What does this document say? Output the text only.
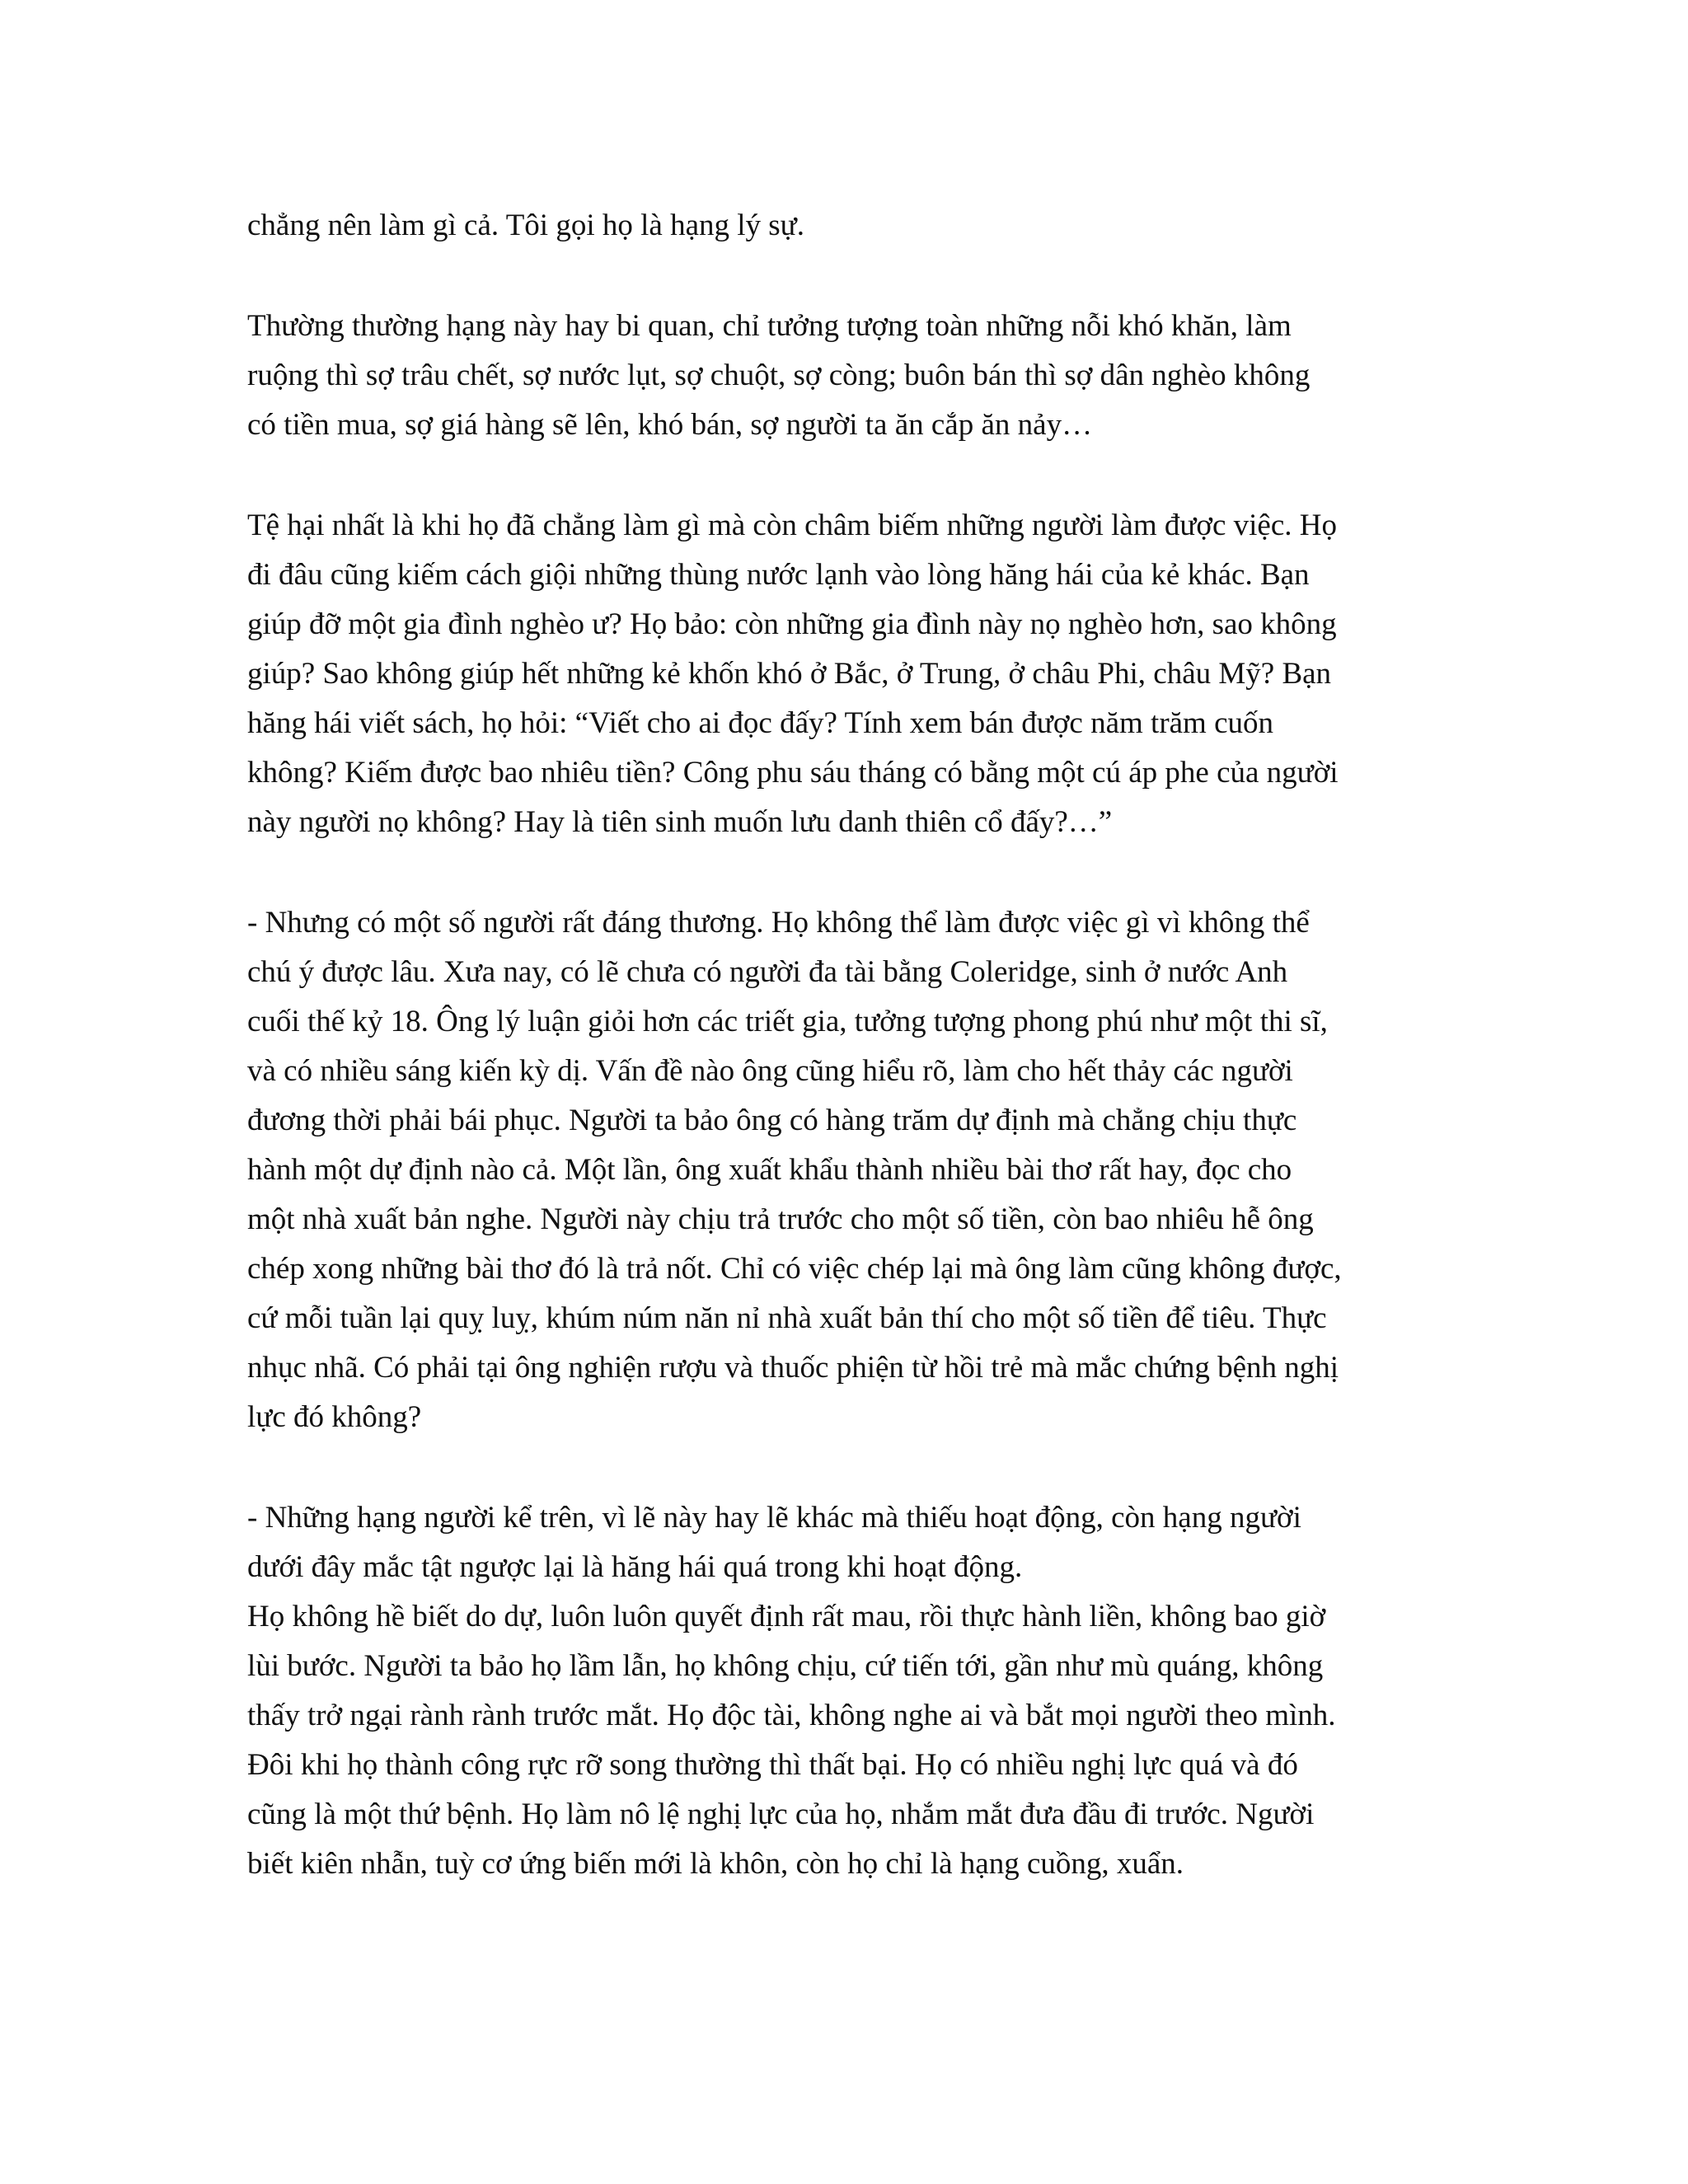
chẳng nên làm gì cả. Tôi gọi họ là hạng lý sự.

Thường thường hạng này hay bi quan, chỉ tưởng tượng toàn những nỗi khó khăn, làm
ruộng thì sợ trâu chết, sợ nước lụt, sợ chuột, sợ còng; buôn bán thì sợ dân nghèo không
có tiền mua, sợ giá hàng sẽ lên, khó bán, sợ người ta ăn cắp ăn nảy…

Tệ hại nhất là khi họ đã chẳng làm gì mà còn châm biếm những người làm được việc. Họ
đi đâu cũng kiếm cách giội những thùng nước lạnh vào lòng hăng hái của kẻ khác. Bạn
giúp đỡ một gia đình nghèo ư? Họ bảo: còn những gia đình này nọ nghèo hơn, sao không
giúp? Sao không giúp hết những kẻ khốn khó ở Bắc, ở Trung, ở châu Phi, châu Mỹ? Bạn
hăng hái viết sách, họ hỏi: “Viết cho ai đọc đấy? Tính xem bán được năm trăm cuốn
không? Kiếm được bao nhiêu tiền? Công phu sáu tháng có bằng một cú áp phe của người
này người nọ không? Hay là tiên sinh muốn lưu danh thiên cổ đấy?…”

- Nhưng có một số người rất đáng thương. Họ không thể làm được việc gì vì không thể
chú ý được lâu. Xưa nay, có lẽ chưa có người đa tài bằng Coleridge, sinh ở nước Anh
cuối thế kỷ 18. Ông lý luận giỏi hơn các triết gia, tưởng tượng phong phú như một thi sĩ,
và có nhiều sáng kiến kỳ dị. Vấn đề nào ông cũng hiểu rõ, làm cho hết thảy các người
đương thời phải bái phục. Người ta bảo ông có hàng trăm dự định mà chẳng chịu thực
hành một dự định nào cả. Một lần, ông xuất khẩu thành nhiều bài thơ rất hay, đọc cho
một nhà xuất bản nghe. Người này chịu trả trước cho một số tiền, còn bao nhiêu hễ ông
chép xong những bài thơ đó là trả nốt. Chỉ có việc chép lại mà ông làm cũng không được,
cứ mỗi tuần lại quỵ luỵ, khúm núm năn nỉ nhà xuất bản thí cho một số tiền để tiêu. Thực
nhục nhã. Có phải tại ông nghiện rượu và thuốc phiện từ hồi trẻ mà mắc chứng bệnh nghị
lực đó không?

- Những hạng người kể trên, vì lẽ này hay lẽ khác mà thiếu hoạt động, còn hạng người
dưới đây mắc tật ngược lại là hăng hái quá trong khi hoạt động.
Họ không hề biết do dự, luôn luôn quyết định rất mau, rồi thực hành liền, không bao giờ
lùi bước. Người ta bảo họ lầm lẫn, họ không chịu, cứ tiến tới, gần như mù quáng, không
thấy trở ngại rành rành trước mắt. Họ độc tài, không nghe ai và bắt mọi người theo mình.
Đôi khi họ thành công rực rỡ song thường thì thất bại. Họ có nhiều nghị lực quá và đó
cũng là một thứ bệnh. Họ làm nô lệ nghị lực của họ, nhắm mắt đưa đầu đi trước. Người
biết kiên nhẫn, tuỳ cơ ứng biến mới là khôn, còn họ chỉ là hạng cuồng, xuẩn.
